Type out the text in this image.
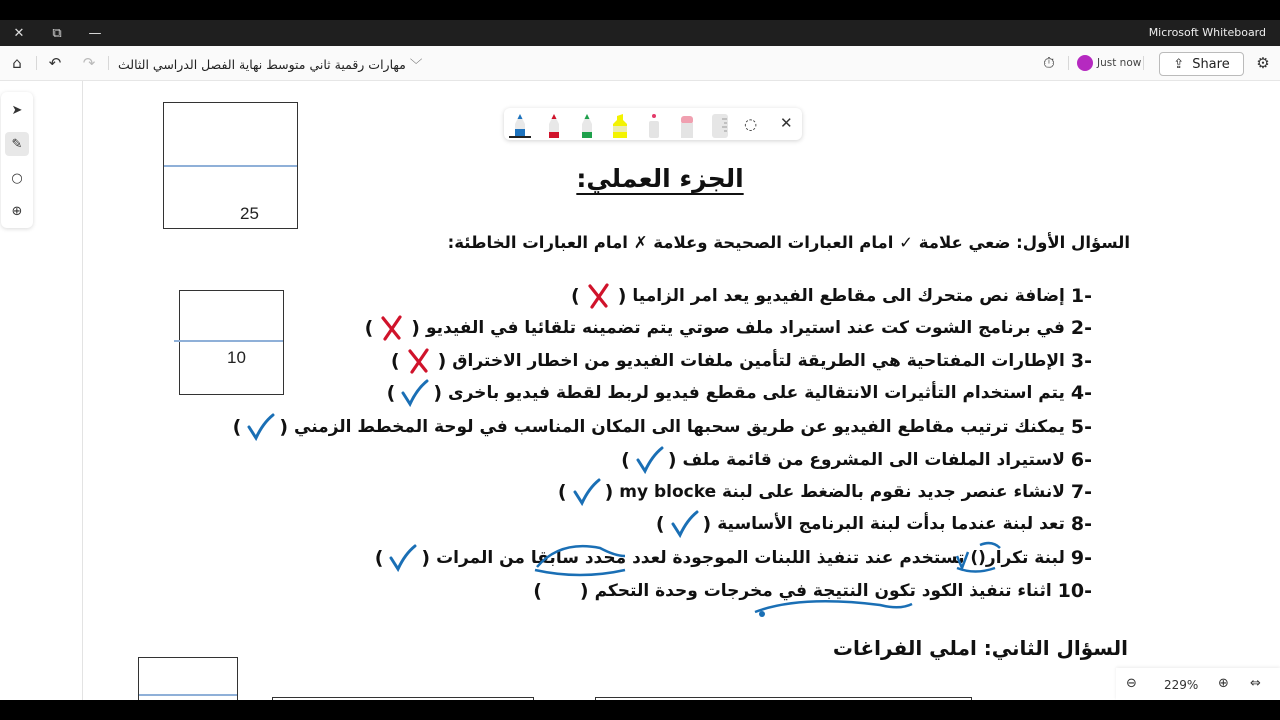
✕ ⧉ —	Microsoft Whiteboard
⌂ ↶ ↷	﹀ مهارات رقمية ثاني متوسط نهاية الفصل الدراسي الثالث	⏱	Just now ⇪ Share ⚙
➤
✎
○
⊕
◌ ✕
25
10
الجزء العملي:
السؤال الأول: ضعي علامة ✓ امام العبارات الصحيحة وعلامة ✗ امام العبارات الخاطئة:
-1
إضافة نص متحرك الى مقاطع الفيديو يعد امر الزاميا
(
)
-2
في برنامج الشوت كت عند استيراد ملف صوتي يتم تضمينه تلقائيا في الفيديو
(
)
-3
الإطارات المفتاحية هي الطريقة لتأمين ملفات الفيديو من اخطار الاختراق
(
)
-4
يتم استخدام التأثيرات الانتقالية على مقطع فيديو لربط لقطة فيديو باخرى
(
)
-5
يمكنك ترتيب مقاطع الفيديو عن طريق سحبها الى المكان المناسب في لوحة المخطط الزمني
(
)
-6
لاستيراد الملفات الى المشروع من قائمة ملف
(
)
-7
لانشاء عنصر جديد نقوم بالضغط على لبنة my blocke
(
)
-8
تعد لبنة عندما بدأت لبنة البرنامج الأساسية
(
)
-9
لبنة تكرار() تستخدم عند تنفيذ اللبنات الموجودة لعدد محدد سابقا من المرات
(
)
-10
اثناء تنفيذ الكود تكون النتيجة في مخرجات وحدة التحكم
(
)
السؤال الثاني: املي الفراغات
⊖ 229% ⊕ ⇔
